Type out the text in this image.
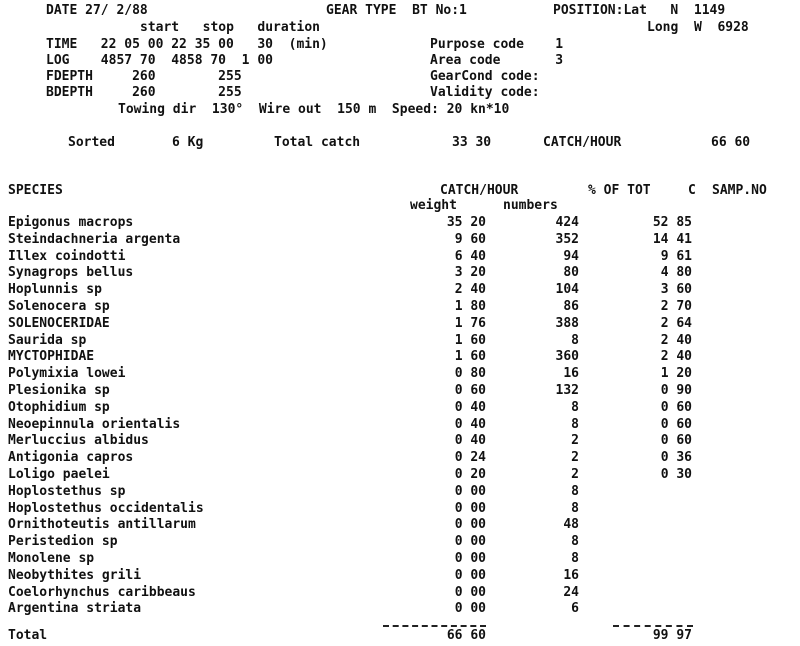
DATE 27/ 2/88	GEAR TYPE  BT No:1	POSITION:Lat   N  1149
start   stop   duration	Long  W  6928
TIME   22 05 00 22 35 00   30  (min)
LOG    4857 70  4858 70  1 00
FDEPTH     260        255
BDEPTH     260        255
Purpose code    1
Area code       3
GearCond code:
Validity code:
Towing dir  130°  Wire out  150 m  Speed: 20 kn*10
Sorted	6 Kg	Total catch	33 30	CATCH/HOUR	66 60
SPECIES	CATCH/HOUR	% OF TOT	C SAMP.NO
weight	numbers
Epigonus macrops	35 20	424	52 85
Steindachneria argenta	9 60	352	14 41
Illex coindotti	6 40	94	9 61
Synagrops bellus	3 20	80	4 80
Hoplunnis sp	2 40	104	3 60
Solenocera sp	1 80	86	2 70
SOLENOCERIDAE	1 76	388	2 64
Saurida sp	1 60	8	2 40
MYCTOPHIDAE	1 60	360	2 40
Polymixia lowei	0 80	16	1 20
Plesionika sp	0 60	132	0 90
Otophidium sp	0 40	8	0 60
Neoepinnula orientalis	0 40	8	0 60
Merluccius albidus	0 40	2	0 60
Antigonia capros	0 24	2	0 36
Loligo paelei	0 20	2	0 30
Hoplostethus sp	0 00	8
Hoplostethus occidentalis	0 00	8
Ornithoteutis antillarum	0 00	48
Peristedion sp	0 00	8
Monolene sp	0 00	8
Neobythites grili	0 00	16
Coelorhynchus caribbeaus	0 00	24
Argentina striata	0 00	6
Total	66 60	99 97
